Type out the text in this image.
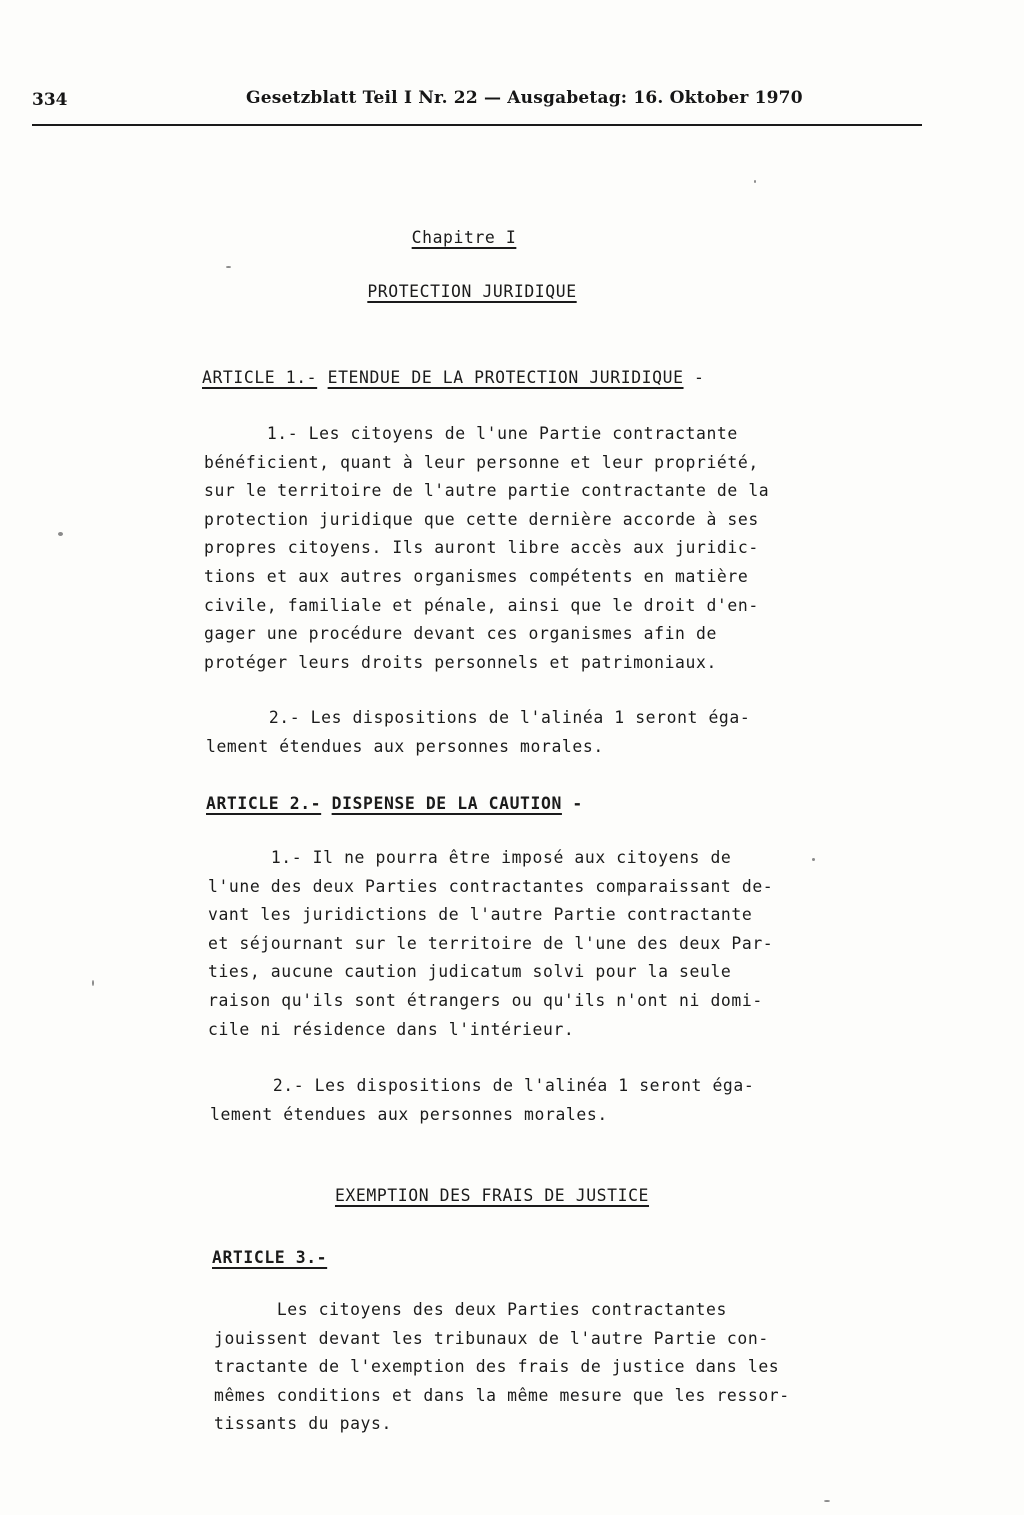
334	Gesetzblatt Teil I Nr. 22 — Ausgabetag: 16. Oktober 1970
Chapitre I
PROTECTION JURIDIQUE
ARTICLE 1.- ETENDUE DE LA PROTECTION JURIDIQUE -

1.- Les citoyens de l'une Partie contractante
bénéficient, quant à leur personne et leur propriété,
sur le territoire de l'autre partie contractante de la
protection juridique que cette dernière accorde à ses
propres citoyens. Ils auront libre accès aux juridic-
tions et aux autres organismes compétents en matière
civile, familiale et pénale, ainsi que le droit d'en-
gager une procédure devant ces organismes afin de
protéger leurs droits personnels et patrimoniaux.

2.- Les dispositions de l'alinéa 1 seront éga-
lement étendues aux personnes morales.

ARTICLE 2.- DISPENSE DE LA CAUTION -

1.- Il ne pourra être imposé aux citoyens de
l'une des deux Parties contractantes comparaissant de-
vant les juridictions de l'autre Partie contractante
et séjournant sur le territoire de l'une des deux Par-
ties, aucune caution judicatum solvi pour la seule
raison qu'ils sont étrangers ou qu'ils n'ont ni domi-
cile ni résidence dans l'intérieur.

2.- Les dispositions de l'alinéa 1 seront éga-
lement étendues aux personnes morales.

EXEMPTION DES FRAIS DE JUSTICE
ARTICLE 3.-

Les citoyens des deux Parties contractantes
jouissent devant les tribunaux de l'autre Partie con-
tractante de l'exemption des frais de justice dans les
mêmes conditions et dans la même mesure que les ressor-
tissants du pays.
